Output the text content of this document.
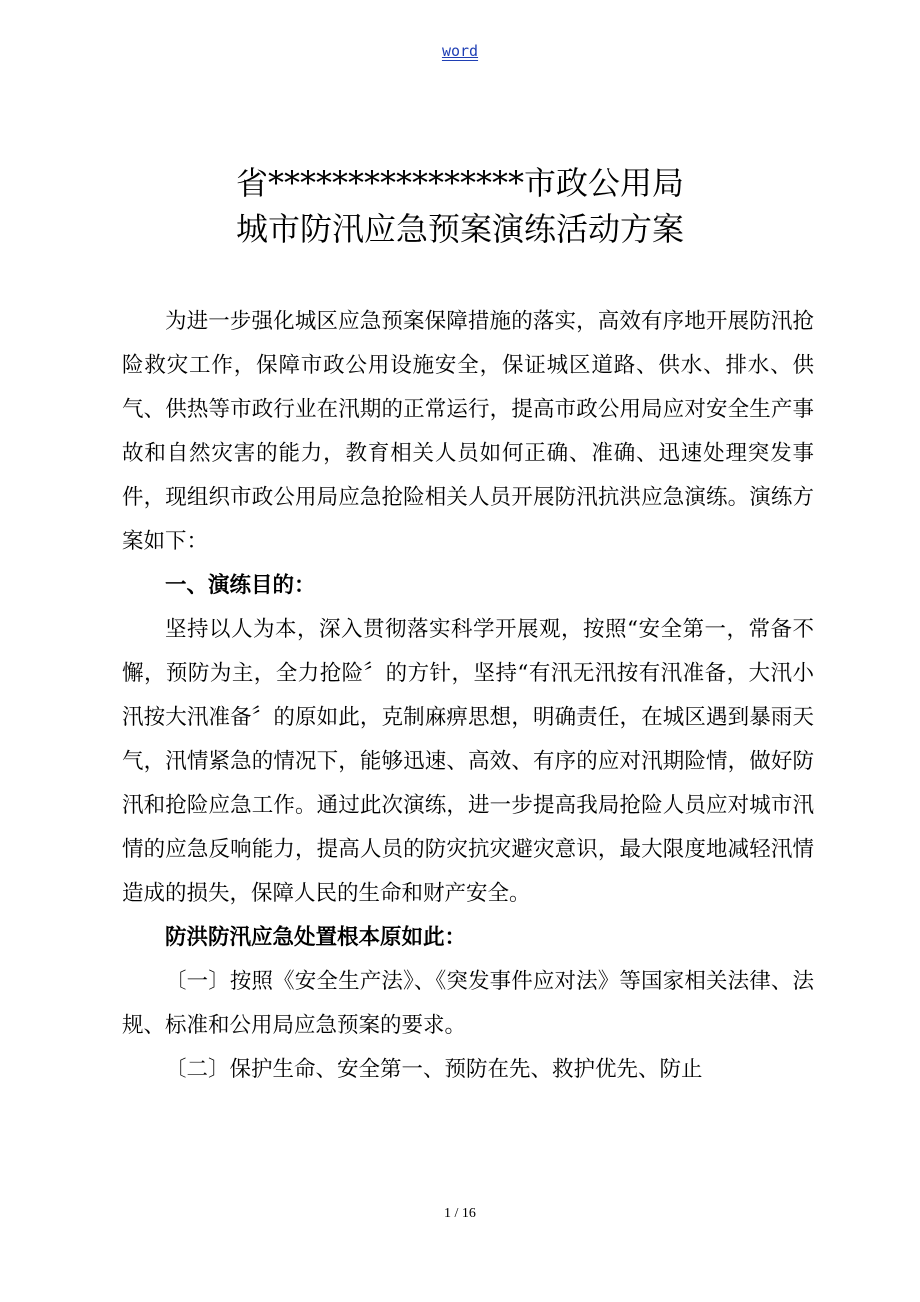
word
省****************市政公用局
城市防汛应急预案演练活动方案

为进一步强化城区应急预案保障措施的落实，高效有序地开展防汛抢险救灾工作，保障市政公用设施安全，保证城区道路、供水、排水、供气、供热等市政行业在汛期的正常运行，提高市政公用局应对安全生产事故和自然灾害的能力，教育相关人员如何正确、准确、迅速处理突发事件，现组织市政公用局应急抢险相关人员开展防汛抗洪应急演练。演练方案如下：

一、演练目的：

坚持以人为本，深入贯彻落实科学开展观，按照“安全第一，常备不懈，预防为主，全力抢险〞的方针，坚持“有汛无汛按有汛准备，大汛小汛按大汛准备〞的原如此，克制麻痹思想，明确责任，在城区遇到暴雨天气，汛情紧急的情况下，能够迅速、高效、有序的应对汛期险情，做好防汛和抢险应急工作。通过此次演练，进一步提高我局抢险人员应对城市汛情的应急反响能力，提高人员的防灾抗灾避灾意识，最大限度地减轻汛情造成的损失，保障人民的生命和财产安全。

防洪防汛应急处置根本原如此：

〔一〕按照《安全生产法》、《突发事件应对法》等国家相关法律、法规、标准和公用局应急预案的要求。

〔二〕保护生命、安全第一、预防在先、救护优先、防止

1 / 16
